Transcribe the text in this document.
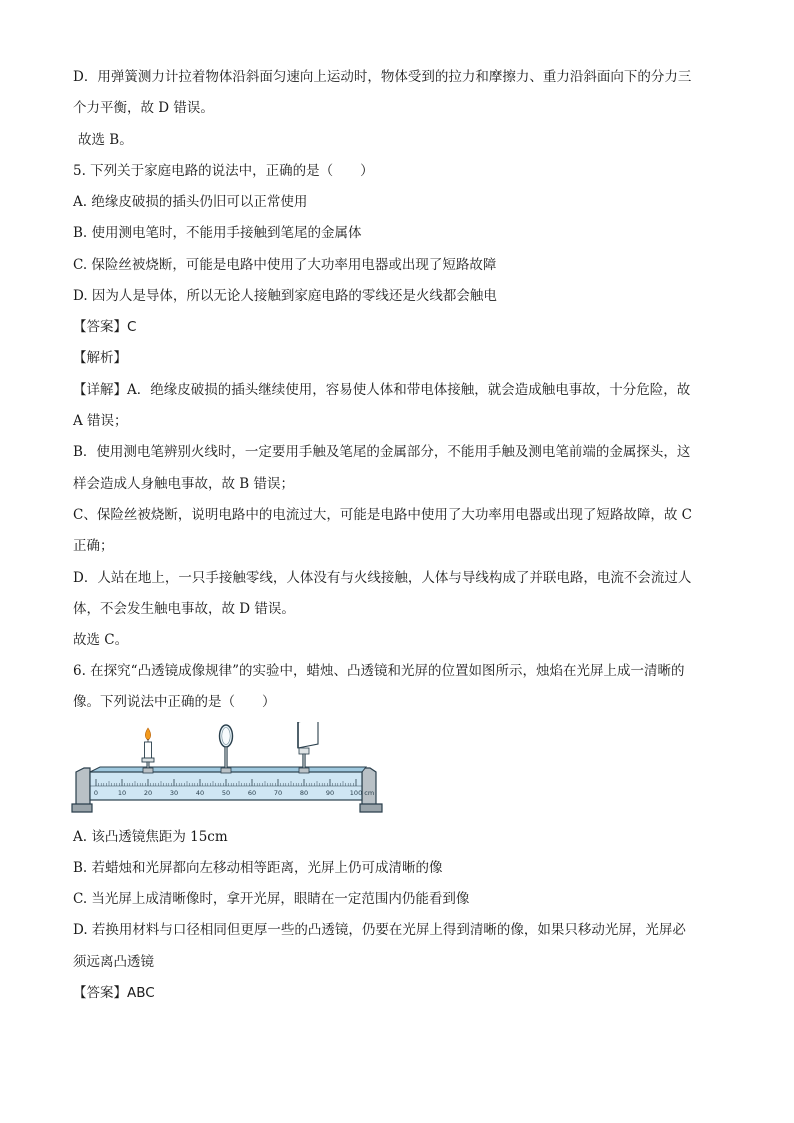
D．用弹簧测力计拉着物体沿斜面匀速向上运动时，物体受到的拉力和摩擦力、重力沿斜面向下的分力三
个力平衡，故 D 错误。
故选 B。
5. 下列关于家庭电路的说法中，正确的是（　　）
A. 绝缘皮破损的插头仍旧可以正常使用
B. 使用测电笔时，不能用手接触到笔尾的金属体
C. 保险丝被烧断，可能是电路中使用了大功率用电器或出现了短路故障
D. 因为人是导体，所以无论人接触到家庭电路的零线还是火线都会触电
【答案】C
【解析】
【详解】A．绝缘皮破损的插头继续使用，容易使人体和带电体接触，就会造成触电事故，十分危险，故
A 错误；
B．使用测电笔辨别火线时，一定要用手触及笔尾的金属部分，不能用手触及测电笔前端的金属探头，这
样会造成人身触电事故，故 B 错误；
C、保险丝被烧断，说明电路中的电流过大，可能是电路中使用了大功率用电器或出现了短路故障，故 C
正确；
D．人站在地上，一只手接触零线，人体没有与火线接触，人体与导线构成了并联电路，电流不会流过人
体，不会发生触电事故，故 D 错误。
故选 C。
6. 在探究“凸透镜成像规律”的实验中，蜡烛、凸透镜和光屏的位置如图所示，烛焰在光屏上成一清晰的
像。下列说法中正确的是（　　）
0	10	20	30	40	50	60	70	80	90 100 cm
A. 该凸透镜焦距为 15cm
B. 若蜡烛和光屏都向左移动相等距离，光屏上仍可成清晰的像
C. 当光屏上成清晰像时，拿开光屏，眼睛在一定范围内仍能看到像
D. 若换用材料与口径相同但更厚一些的凸透镜，仍要在光屏上得到清晰的像，如果只移动光屏，光屏必
须远离凸透镜
【答案】ABC
